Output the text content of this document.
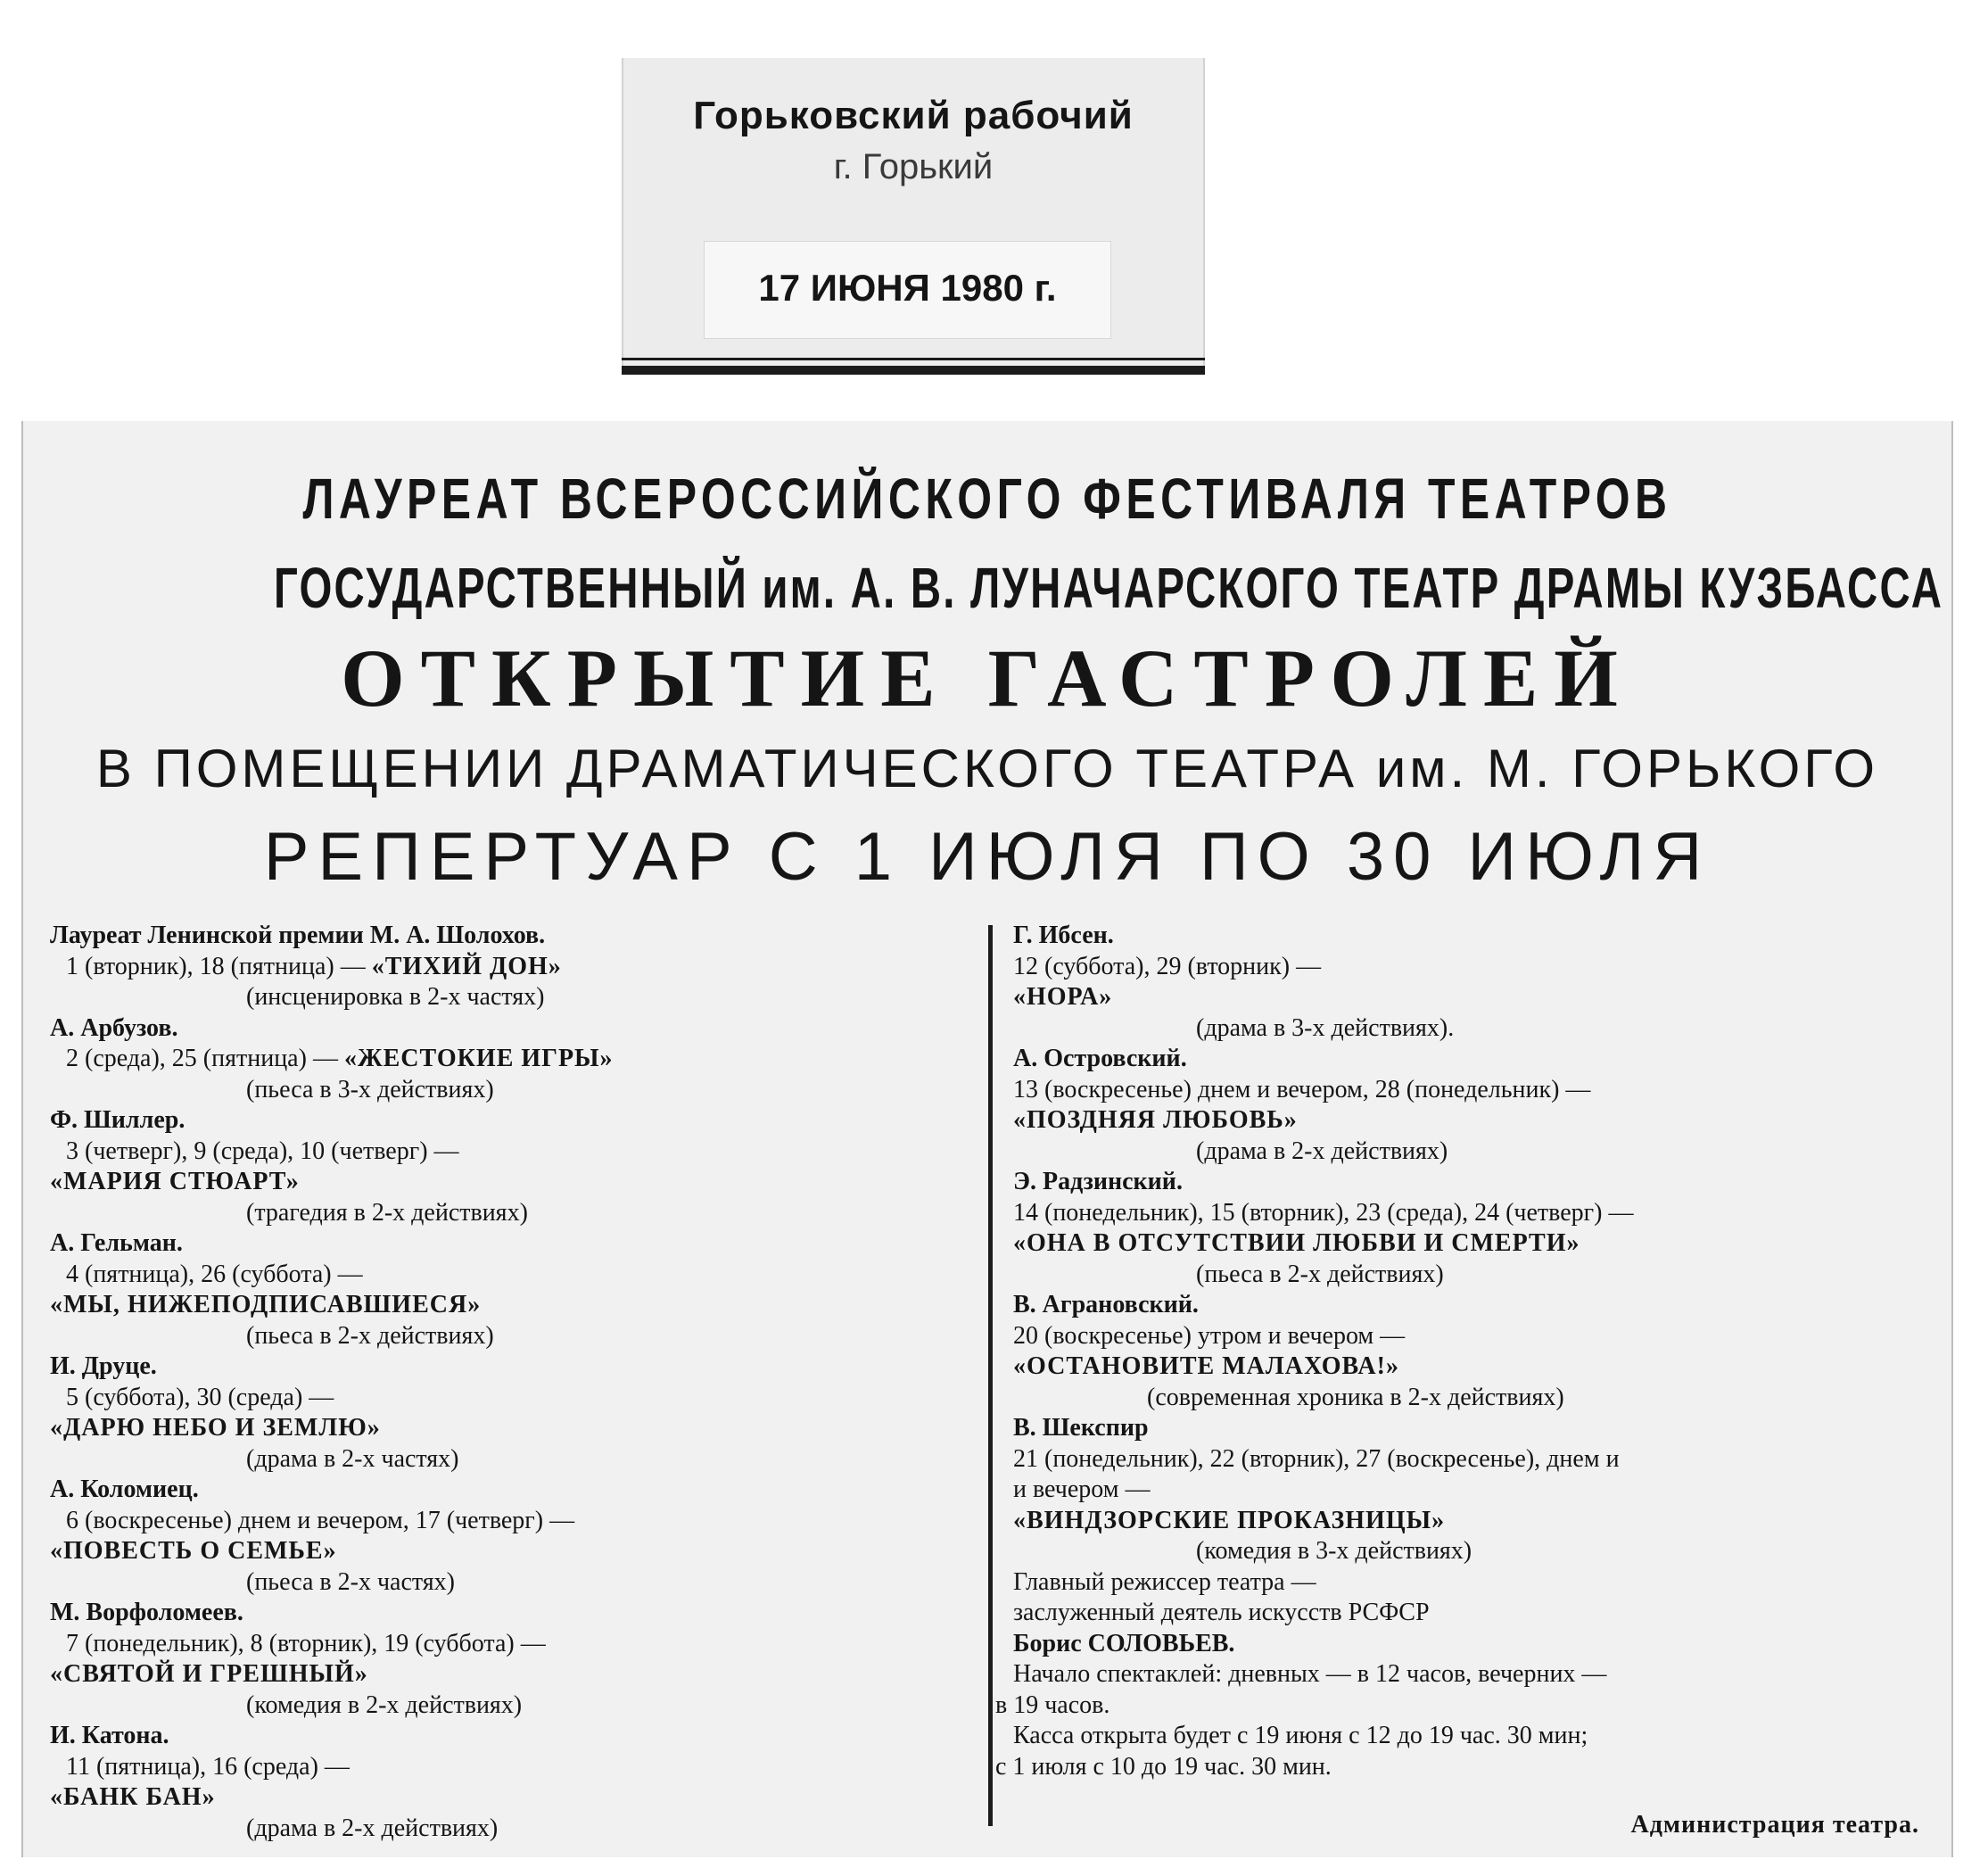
Горьковский рабочий
г. Горький
17 ИЮНЯ 1980 г.
ЛАУРЕАТ ВСЕРОССИЙСКОГО ФЕСТИВАЛЯ ТЕАТРОВ
ГОСУДАРСТВЕННЫЙ им. А. В. ЛУНАЧАРСКОГО ТЕАТР ДРАМЫ КУЗБАССА
ОТКРЫТИЕ ГАСТРОЛЕЙ
В ПОМЕЩЕНИИ ДРАМАТИЧЕСКОГО ТЕАТРА им. М. ГОРЬКОГО
РЕПЕРТУАР С 1 ИЮЛЯ ПО 30 ИЮЛЯ
Лауреат Ленинской премии М. А. Шолохов.
1 (вторник), 18 (пятница) — «ТИХИЙ ДОН»
(инсценировка в 2-х частях)
А. Арбузов.
2 (среда), 25 (пятница) — «ЖЕСТОКИЕ ИГРЫ»
(пьеса в 3-х действиях)
Ф. Шиллер.
3 (четверг), 9 (среда), 10 (четверг) —
«МАРИЯ СТЮАРТ»
(трагедия в 2-х действиях)
А. Гельман.
4 (пятница), 26 (суббота) —
«МЫ, НИЖЕПОДПИСАВШИЕСЯ»
(пьеса в 2-х действиях)
И. Друце.
5 (суббота), 30 (среда) —
«ДАРЮ НЕБО И ЗЕМЛЮ»
(драма в 2-х частях)
А. Коломиец.
6 (воскресенье) днем и вечером, 17 (четверг) —
«ПОВЕСТЬ О СЕМЬЕ»
(пьеса в 2-х частях)
М. Ворфоломеев.
7 (понедельник), 8 (вторник), 19 (суббота) —
«СВЯТОЙ И ГРЕШНЫЙ»
(комедия в 2-х действиях)
И. Катона.
11 (пятница), 16 (среда) —
«БАНК БАН»
(драма в 2-х действиях)
Г. Ибсен.
12 (суббота), 29 (вторник) —
«НОРА»
(драма в 3-х действиях).
А. Островский.
13 (воскресенье) днем и вечером, 28 (понедельник) —
«ПОЗДНЯЯ ЛЮБОВЬ»
(драма в 2-х действиях)
Э. Радзинский.
14 (понедельник), 15 (вторник), 23 (среда), 24 (четверг) —
«ОНА В ОТСУТСТВИИ ЛЮБВИ И СМЕРТИ»
(пьеса в 2-х действиях)
В. Аграновский.
20 (воскресенье) утром и вечером —
«ОСТАНОВИТЕ МАЛАХОВА!»
(современная хроника в 2-х действиях)
В. Шекспир
21 (понедельник), 22 (вторник), 27 (воскресенье), днем и
и вечером —
«ВИНДЗОРСКИЕ ПРОКАЗНИЦЫ»
(комедия в 3-х действиях)
Главный режиссер театра —
заслуженный деятель искусств РСФСР
Борис СОЛОВЬЕВ.
Начало спектаклей: дневных — в 12 часов, вечерних —
в 19 часов.
Касса открыта будет с 19 июня с 12 до 19 час. 30 мин;
с 1 июля с 10 до 19 час. 30 мин.
Администрация театра.
